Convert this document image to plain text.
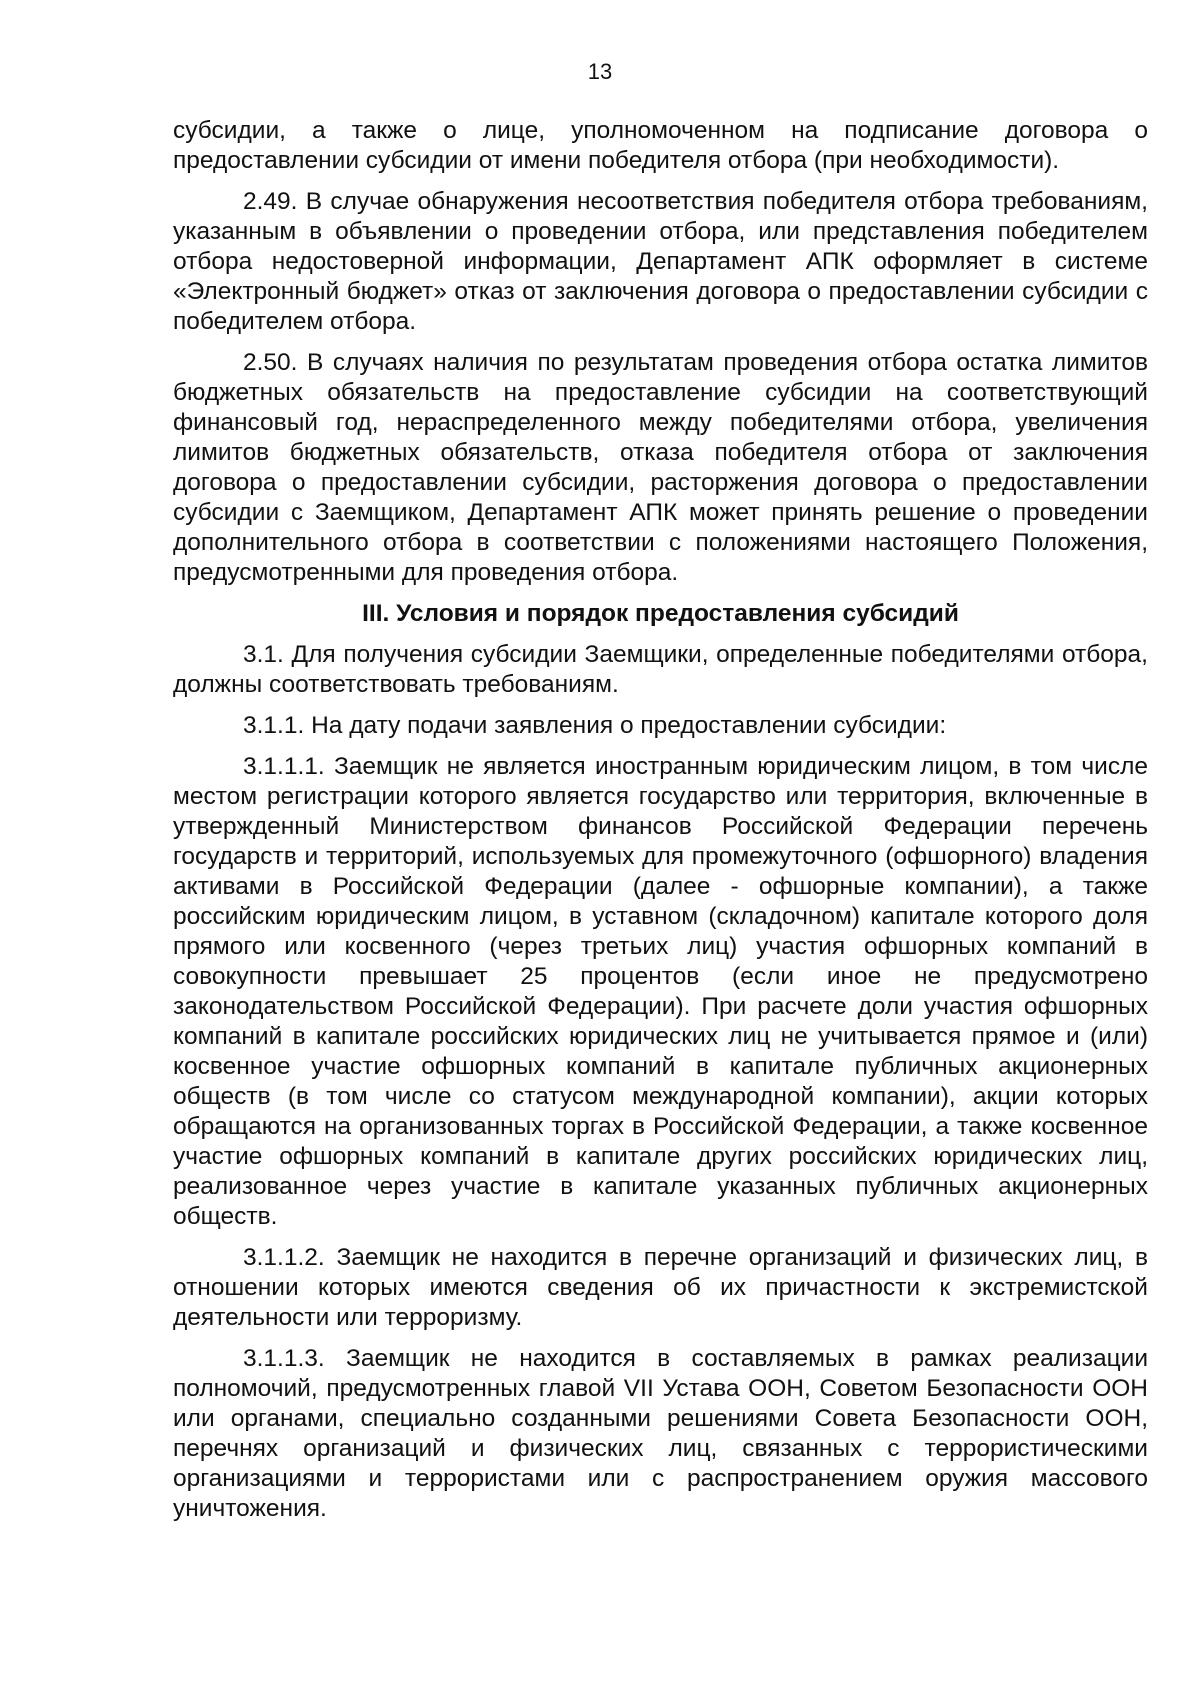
13

субсидии, а также о лице, уполномоченном на подписание договора о предоставлении субсидии от имени победителя отбора (при необходимости).

2.49. В случае обнаружения несоответствия победителя отбора требованиям, указанным в объявлении о проведении отбора, или представления победителем отбора недостоверной информации, Департамент АПК оформляет в системе «Электронный бюджет» отказ от заключения договора о предоставлении субсидии с победителем отбора.

2.50. В случаях наличия по результатам проведения отбора остатка лимитов бюджетных обязательств на предоставление субсидии на соответствующий финансовый год, нераспределенного между победителями отбора, увеличения лимитов бюджетных обязательств, отказа победителя отбора от заключения договора о предоставлении субсидии, расторжения договора о предоставлении субсидии с Заемщиком, Департамент АПК может принять решение о проведении дополнительного отбора в соответствии с положениями настоящего Положения, предусмотренными для проведения отбора.

III. Условия и порядок предоставления субсидий

3.1. Для получения субсидии Заемщики, определенные победителями отбора, должны соответствовать требованиям.

3.1.1. На дату подачи заявления о предоставлении субсидии:

3.1.1.1. Заемщик не является иностранным юридическим лицом, в том числе местом регистрации которого является государство или территория, включенные в утвержденный Министерством финансов Российской Федерации перечень государств и территорий, используемых для промежуточного (офшорного) владения активами в Российской Федерации (далее - офшорные компании), а также российским юридическим лицом, в уставном (складочном) капитале которого доля прямого или косвенного (через третьих лиц) участия офшорных компаний в совокупности превышает 25 процентов (если иное не предусмотрено законодательством Российской Федерации). При расчете доли участия офшорных компаний в капитале российских юридических лиц не учитывается прямое и (или) косвенное участие офшорных компаний в капитале публичных акционерных обществ (в том числе со статусом международной компании), акции которых обращаются на организованных торгах в Российской Федерации, а также косвенное участие офшорных компаний в капитале других российских юридических лиц, реализованное через участие в капитале указанных публичных акционерных обществ.

3.1.1.2. Заемщик не находится в перечне организаций и физических лиц, в отношении которых имеются сведения об их причастности к экстремистской деятельности или терроризму.

3.1.1.3. Заемщик не находится в составляемых в рамках реализации полномочий, предусмотренных главой VII Устава ООН, Советом Безопасности ООН или органами, специально созданными решениями Совета Безопасности ООН, перечнях организаций и физических лиц, связанных с террористическими организациями и террористами или с распространением оружия массового уничтожения.
